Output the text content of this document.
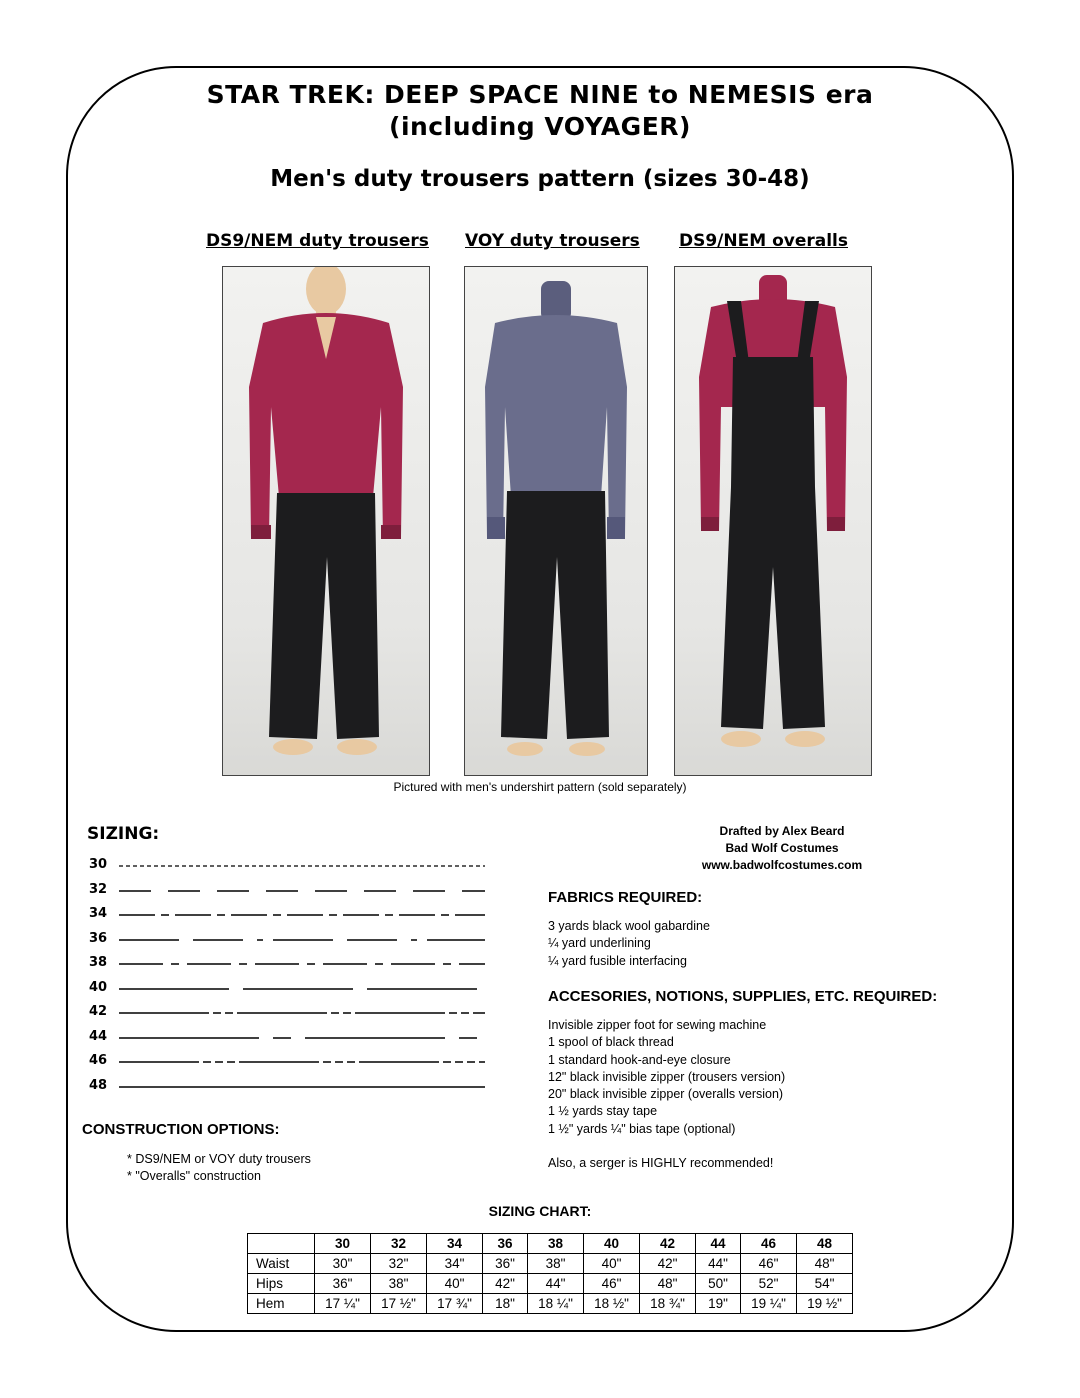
STAR TREK: DEEP SPACE NINE to NEMESIS era
(including VOYAGER)
Men's duty trousers pattern (sizes 30-48)
DS9/NEM duty trousers VOY duty trousers DS9/NEM overalls
Pictured with men's undershirt pattern (sold separately)
SIZING:
30
32
34
36
38
40
42
44
46
48
Drafted by Alex Beard
Bad Wolf Costumes
www.badwolfcostumes.com
FABRICS REQUIRED:
3 yards black wool gabardine
¼ yard underlining
¼ yard fusible interfacing
ACCESORIES, NOTIONS, SUPPLIES, ETC. REQUIRED:
Invisible zipper foot for sewing machine
1 spool of black thread
1 standard hook-and-eye closure
12" black invisible zipper (trousers version)
20" black invisible zipper (overalls version)
1 ½ yards stay tape
1 ½" yards ¼" bias tape (optional)
Also, a serger is HIGHLY recommended!
CONSTRUCTION OPTIONS:
* DS9/NEM or VOY duty trousers
* "Overalls" construction
SIZING CHART:
	30	32	34	36	38	40	42	44	46	48
Waist	30"	32"	34"	36"	38"	40"	42"	44"	46"	48"
Hips	36"	38"	40"	42"	44"	46"	48"	50"	52"	54"
Hem	17 ¼"	17 ½"	17 ¾"	18"	18 ¼"	18 ½"	18 ¾"	19"	19 ¼"	19 ½"
